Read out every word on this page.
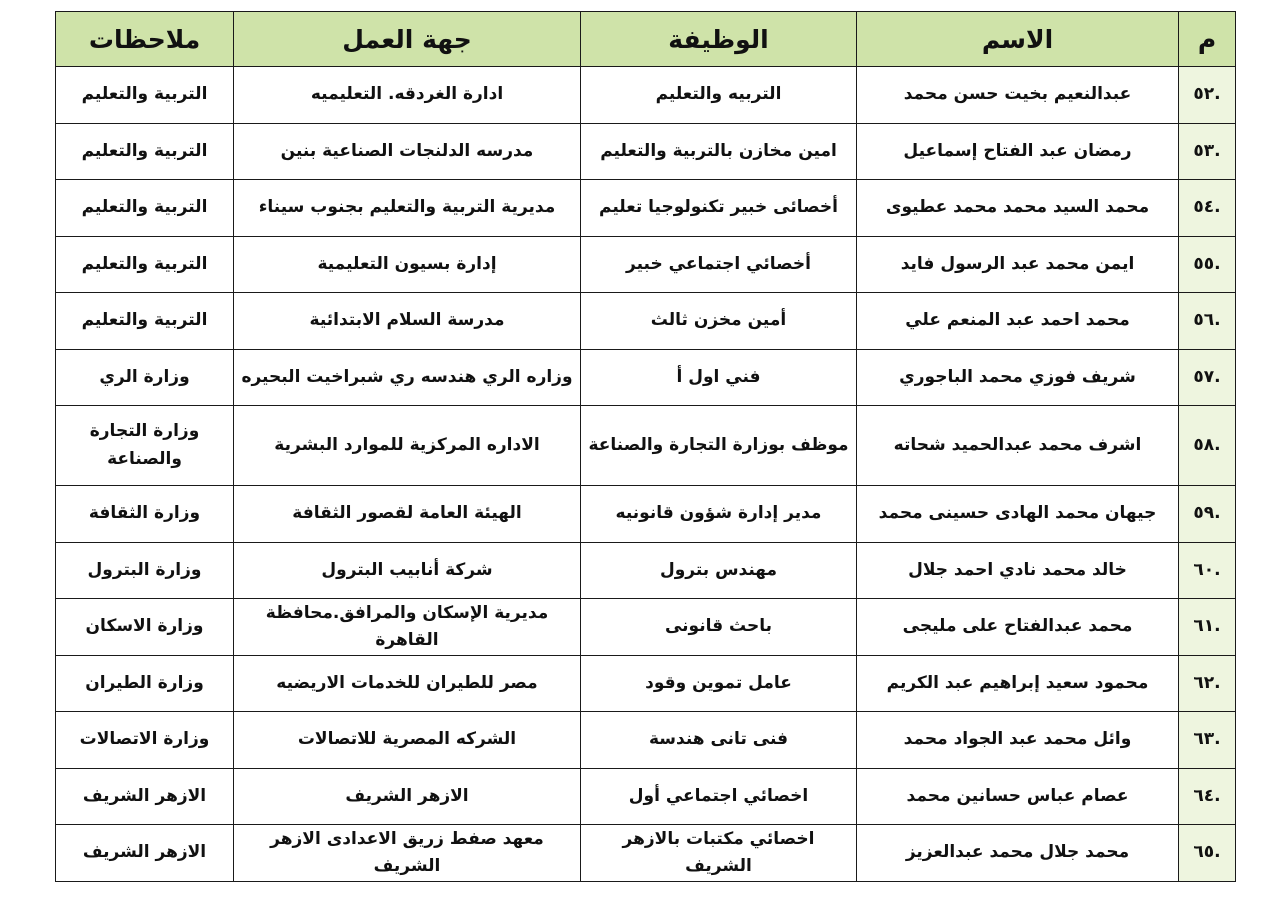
م	الاسم	الوظيفة	جهة العمل	ملاحظات
.٥٢	عبدالنعيم بخيت حسن محمد	التربيه والتعليم	ادارة الغردقه. التعليميه	التربية والتعليم
.٥٣	رمضان عبد الفتاح إسماعيل	امين مخازن بالتربية والتعليم	مدرسه الدلنجات الصناعية بنين	التربية والتعليم
.٥٤	محمد السيد محمد محمد عطيوى	أخصائى خبير تكنولوجيا تعليم	مديرية التربية والتعليم بجنوب سيناء	التربية والتعليم
.٥٥	ايمن محمد عبد الرسول فايد	أخصائي اجتماعي خبير	إدارة بسيون التعليمية	التربية والتعليم
.٥٦	محمد احمد عبد المنعم علي	أمين مخزن ثالث	مدرسة السلام الابتدائية	التربية والتعليم
.٥٧	شريف فوزي محمد الباجوري	فني اول أ	وزاره الري هندسه ري شبراخيت البحيره	وزارة الري
.٥٨	اشرف محمد عبدالحميد شحاته	موظف بوزارة التجارة والصناعة	الاداره المركزية للموارد البشرية	وزارة التجارة والصناعة
.٥٩	جيهان محمد الهادى حسينى محمد	مدير إدارة شؤون قانونيه	الهيئة العامة لقصور الثقافة	وزارة الثقافة
.٦٠	خالد محمد نادي احمد جلال	مهندس بترول	شركة أنابيب البترول	وزارة البترول
.٦١	محمد عبدالفتاح على مليجى	باحث قانونى	مديرية الإسكان والمرافق.محافظة القاهرة	وزارة الاسكان
.٦٢	محمود سعيد إبراهيم عبد الكريم	عامل تموين وقود	مصر للطيران للخدمات الاريضيه	وزارة الطيران
.٦٣	وائل محمد عبد الجواد محمد	فنى تانى هندسة	الشركه المصرية للاتصالات	وزارة الاتصالات
.٦٤	عصام عباس حسانين محمد	اخصائي اجتماعي أول	الازهر الشريف	الازهر الشريف
.٦٥	محمد جلال محمد عبدالعزيز	اخصائي مكتبات بالازهر الشريف	معهد صفط زريق الاعدادى الازهر الشريف	الازهر الشريف
